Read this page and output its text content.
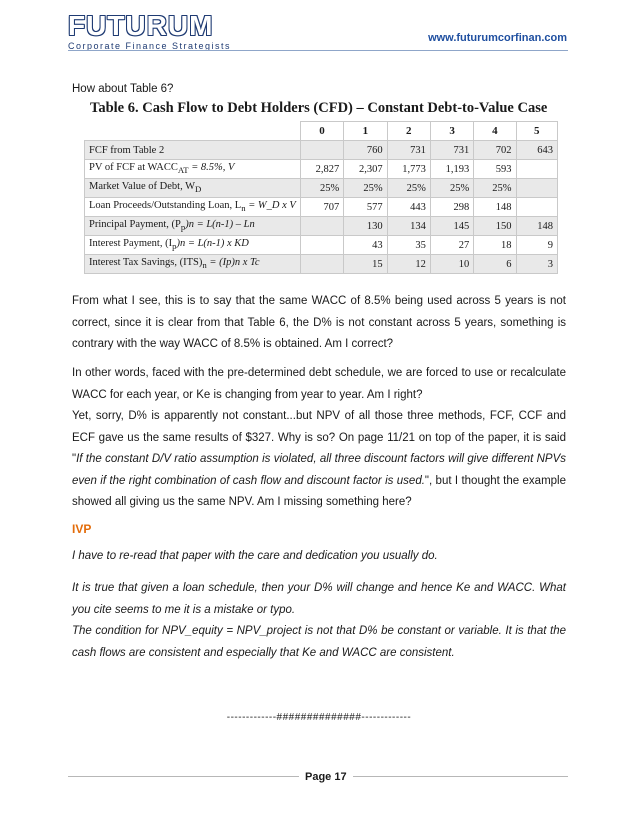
FUTURUM
Corporate Finance Strategists
www.futurumcorfinan.com
How about Table 6?
Table 6. Cash Flow to Debt Holders (CFD) – Constant Debt-to-Value Case
	0	1	2	3	4	5
FCF from Table 2		760	731	731	702	643
PV of FCF at $WACC_{AT} = 8.5\%$, V	2,827	2,307	1,773	1,193	593	
Market Value of Debt, $W_D$	25%	25%	25%	25%	25%	
Loan Proceeds/Outstanding Loan, $L_n$ = W_D x V	707	577	443	298	148	
Principal Payment, $(P_p)n = L(n-1) - Ln$		130	134	145	150	148
Interest Payment, $(I_p)n = L(n-1)$ x KD		43	35	27	18	9
Interest Tax Savings, $(ITS)_n = (Ip)n$ x Tc		15	12	10	6	3
From what I see, this is to say that the same WACC of 8.5% being used across 5 years is not correct, since it is clear from that Table 6, the D% is not constant across 5 years, something is contrary with the way WACC of 8.5% is obtained. Am I correct?
In other words, faced with the pre-determined debt schedule, we are forced to use or recalculate WACC for each year, or Ke is changing from year to year. Am I right?
Yet, sorry, D% is apparently not constant...but NPV of all those three methods, FCF, CCF and ECF gave us the same results of $327. Why is so? On page 11/21 on top of the paper, it is said "If the constant D/V ratio assumption is violated, all three discount factors will give different NPVs even if the right combination of cash flow and discount factor is used.", but I thought the example showed all giving us the same NPV. Am I missing something here?
IVP
I have to re-read that paper with the care and dedication you usually do.
It is true that given a loan schedule, then your D% will change and hence Ke and WACC. What you cite seems to me it is a mistake or typo.
The condition for NPV_equity = NPV_project is not that D% be constant or variable. It is that the cash flows are consistent and especially that Ke and WACC are consistent.
-------------##############-------------
Page 17
